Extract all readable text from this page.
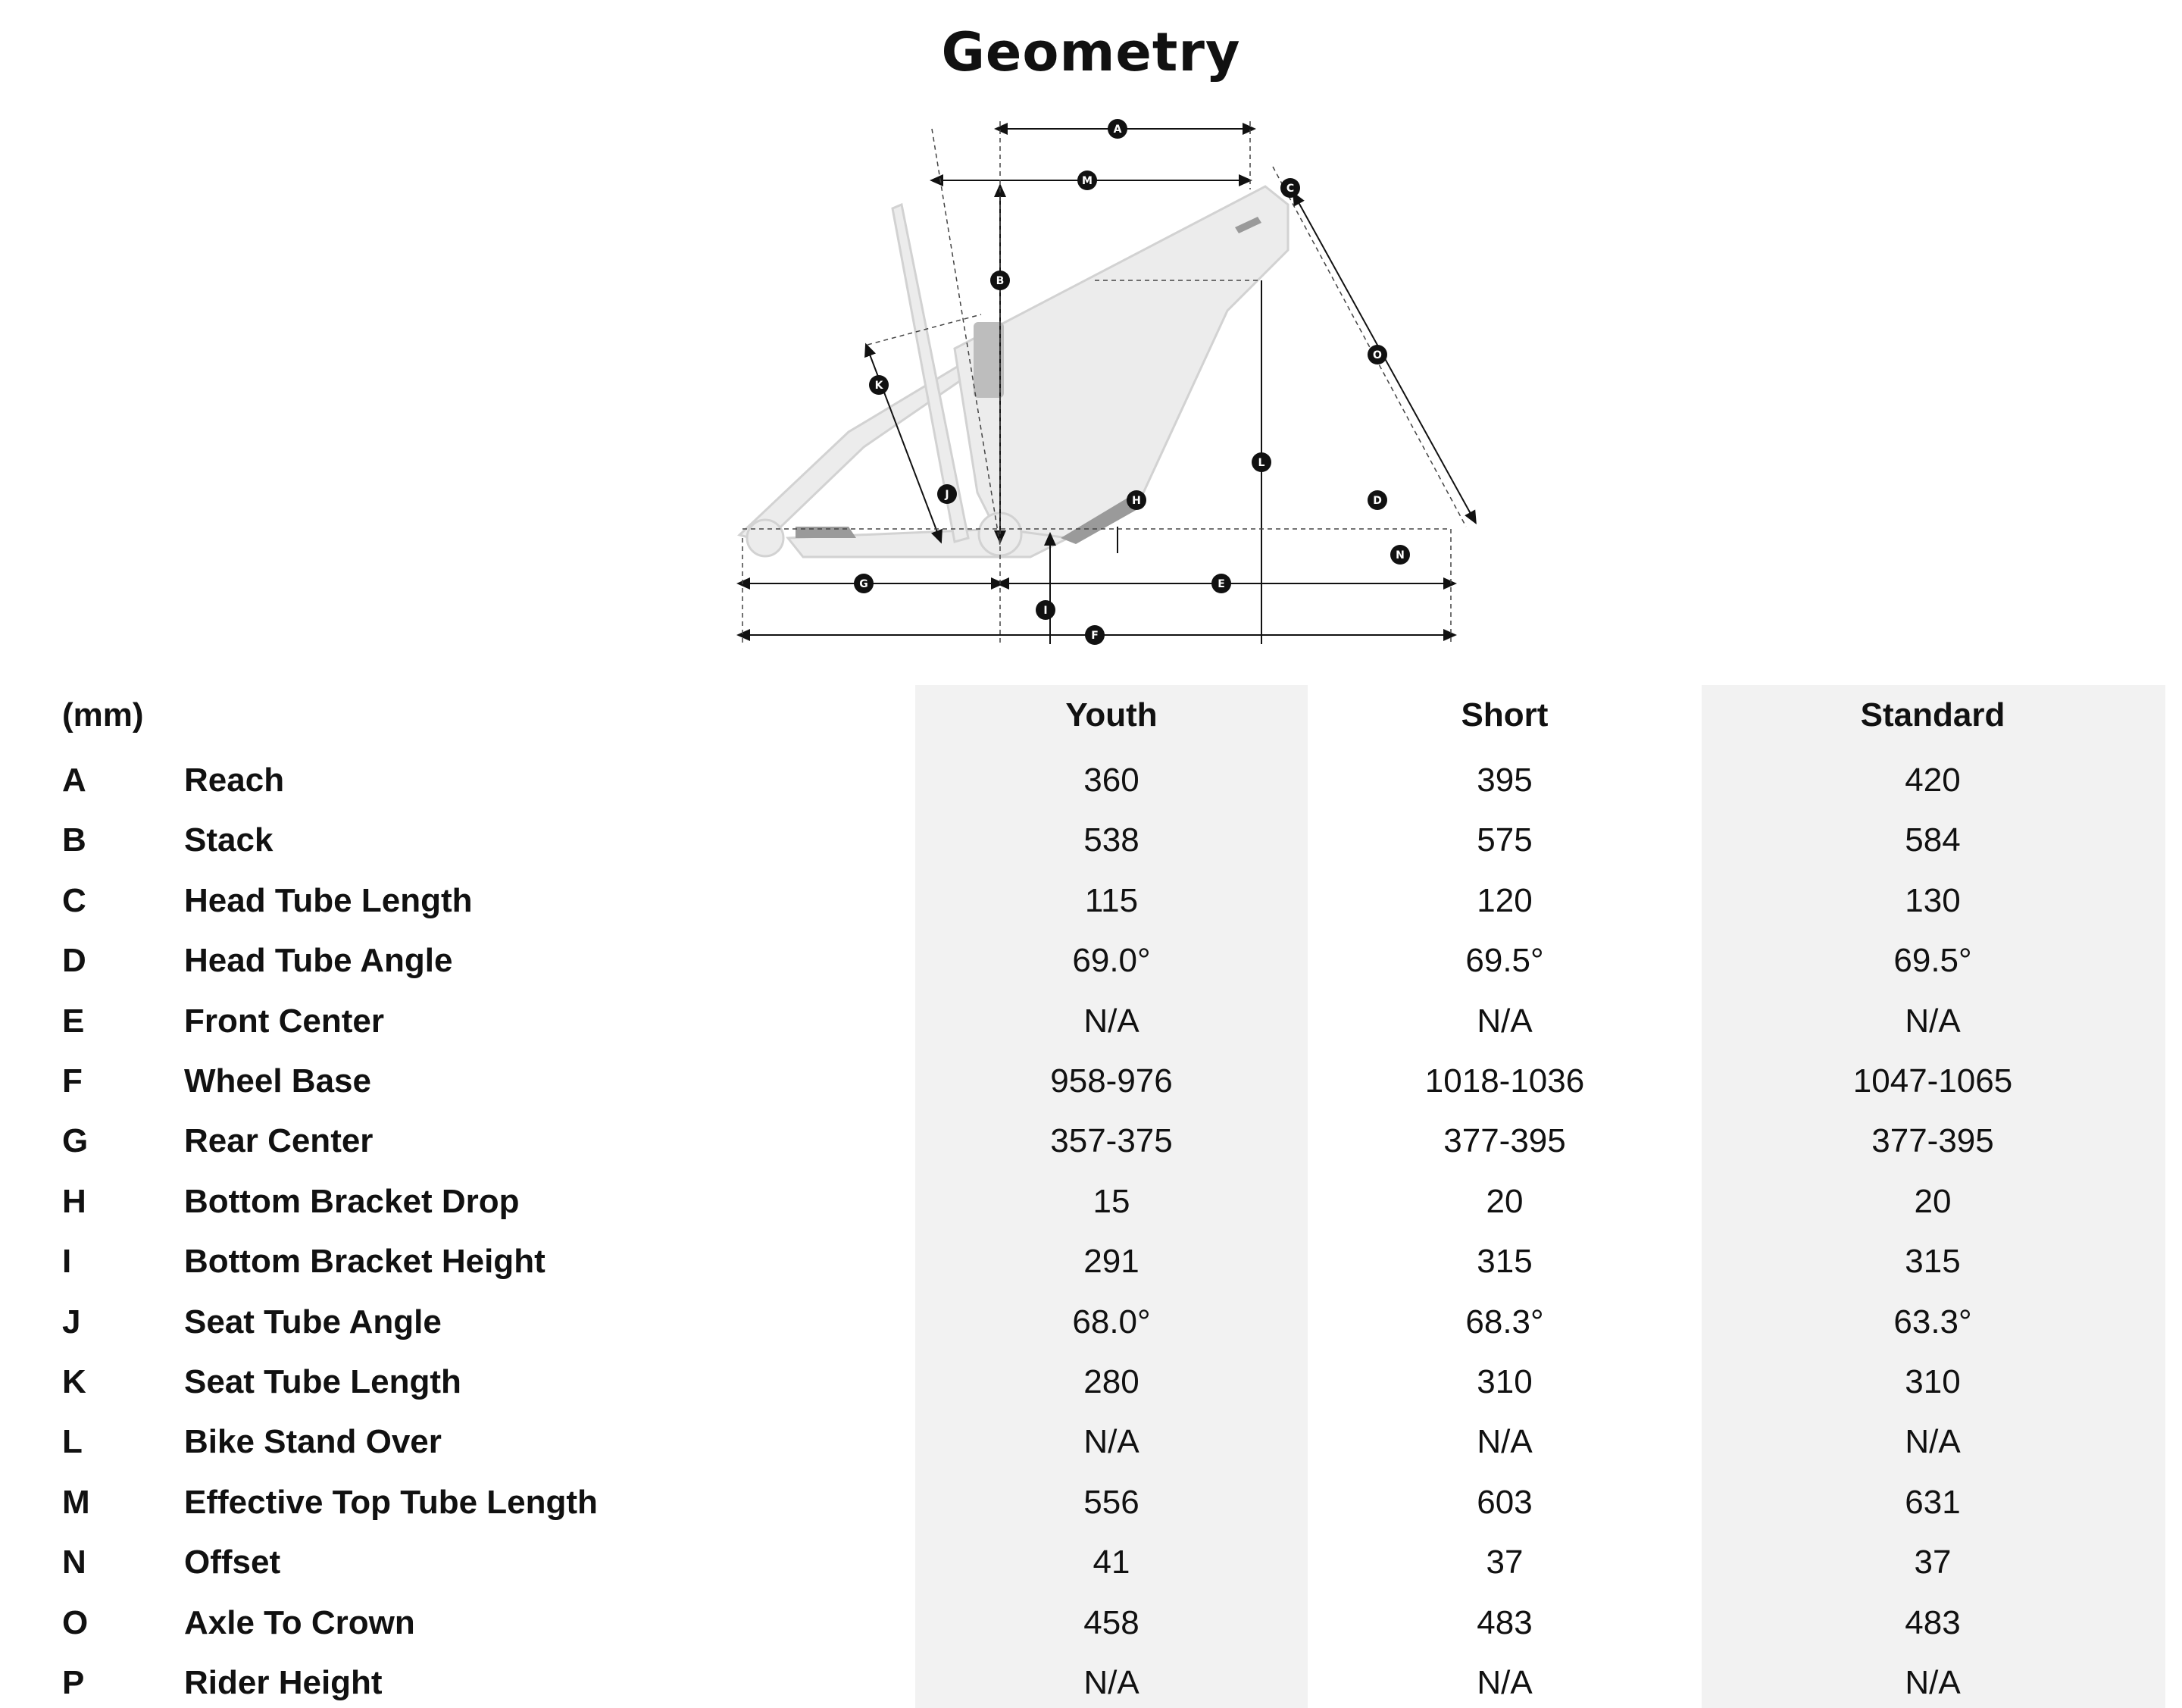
Geometry
A
M
C
B
K
O
L
J	H	D
N
G	E
I
F
(mm)	Youth	Short	Standard
A	Reach	360	395	420
B	Stack	538	575	584
C	Head Tube Length	115	120	130
D	Head Tube Angle	69.0°	69.5°	69.5°
E	Front Center	N/A	N/A	N/A
F	Wheel Base	958-976	1018-1036	1047-1065
G	Rear Center	357-375	377-395	377-395
H	Bottom Bracket Drop	15	20	20
I	Bottom Bracket Height	291	315	315
J	Seat Tube Angle	68.0°	68.3°	63.3°
K	Seat Tube Length	280	310	310
L	Bike Stand Over	N/A	N/A	N/A
M	Effective Top Tube Length	556	603	631
N	Offset	41	37	37
O	Axle To Crown	458	483	483
P	Rider Height	N/A	N/A	N/A
